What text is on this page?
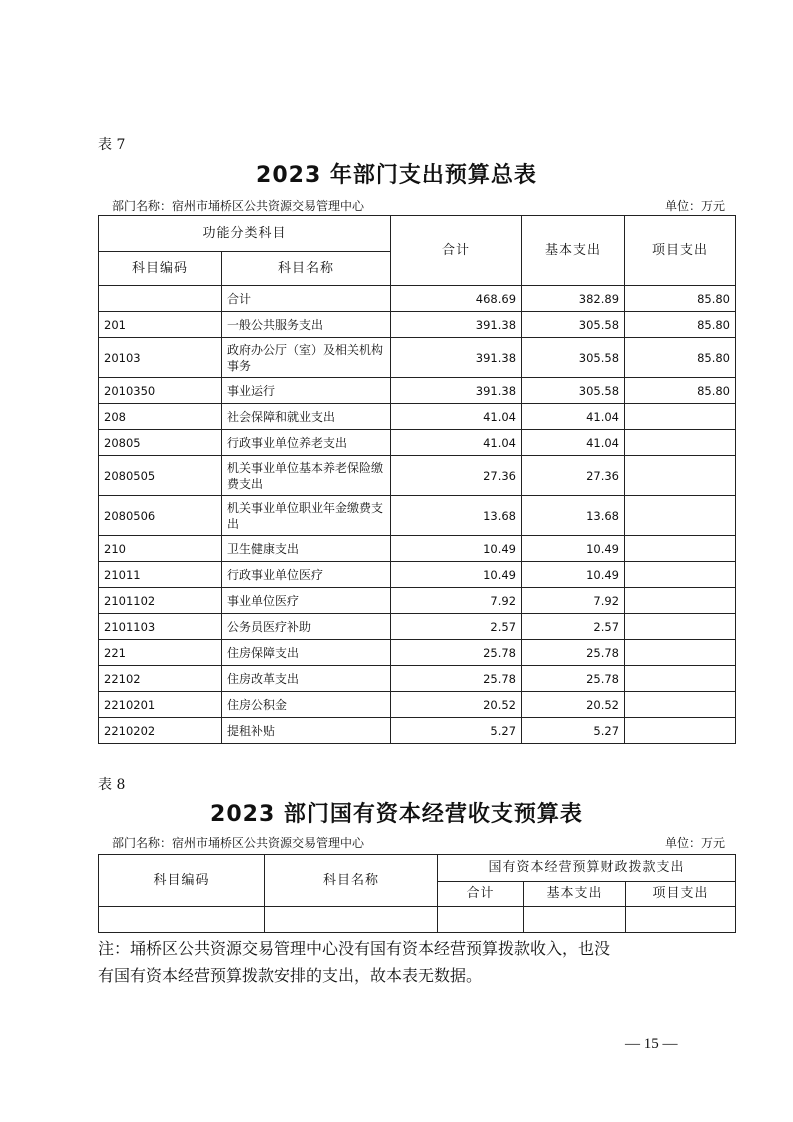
表 7
2023 年部门支出预算总表
部门名称：宿州市埇桥区公共资源交易管理中心	单位：万元
功能分类科目		合计	基本支出	项目支出
科目编码	科目名称			
	合计	468.69	382.89	85.80
201	一般公共服务支出	391.38	305.58	85.80
20103	政府办公厅（室）及相关机构事务	391.38	305.58	85.80
2010350	事业运行	391.38	305.58	85.80
208	社会保障和就业支出	41.04	41.04	
20805	行政事业单位养老支出	41.04	41.04	
2080505	机关事业单位基本养老保险缴费支出	27.36	27.36	
2080506	机关事业单位职业年金缴费支出	13.68	13.68	
210	卫生健康支出	10.49	10.49	
21011	行政事业单位医疗	10.49	10.49	
2101102	事业单位医疗	7.92	7.92	
2101103	公务员医疗补助	2.57	2.57	
221	住房保障支出	25.78	25.78	
22102	住房改革支出	25.78	25.78	
2210201	住房公积金	20.52	20.52	
2210202	提租补贴	5.27	5.27	
表 8
2023 部门国有资本经营收支预算表
部门名称：宿州市埇桥区公共资源交易管理中心	单位：万元
科目编码	科目名称	国有资本经营预算财政拨款支出		
		合计	基本支出	项目支出

注：埇桥区公共资源交易管理中心没有国有资本经营预算拨款收入，也没
有国有资本经营预算拨款安排的支出，故本表无数据。
— 15 —
